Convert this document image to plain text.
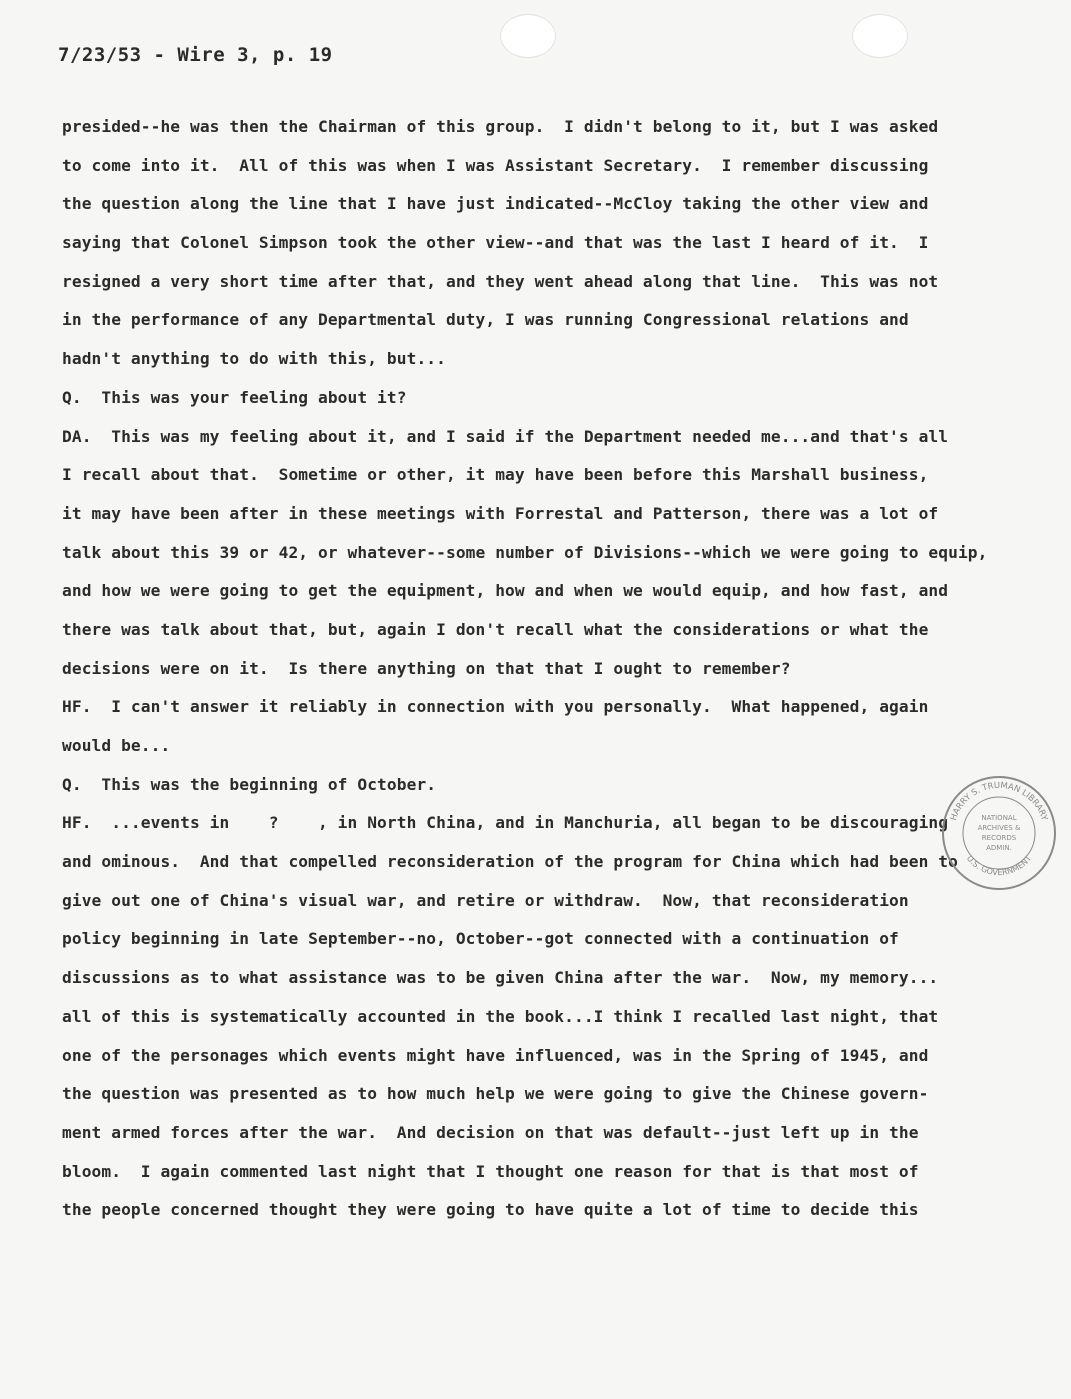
7/23/53 - Wire 3, p. 19
presided--he was then the Chairman of this group.  I didn't belong to it, but I was asked
to come into it.  All of this was when I was Assistant Secretary.  I remember discussing
the question along the line that I have just indicated--McCloy taking the other view and
saying that Colonel Simpson took the other view--and that was the last I heard of it.  I
resigned a very short time after that, and they went ahead along that line.  This was not
in the performance of any Departmental duty, I was running Congressional relations and
hadn't anything to do with this, but...
Q.  This was your feeling about it?
DA.  This was my feeling about it, and I said if the Department needed me...and that's all
I recall about that.  Sometime or other, it may have been before this Marshall business,
it may have been after in these meetings with Forrestal and Patterson, there was a lot of
talk about this 39 or 42, or whatever--some number of Divisions--which we were going to equip,
and how we were going to get the equipment, how and when we would equip, and how fast, and
there was talk about that, but, again I don't recall what the considerations or what the
decisions were on it.  Is there anything on that that I ought to remember?
HF.  I can't answer it reliably in connection with you personally.  What happened, again
would be...
Q.  This was the beginning of October.
HF.  ...events in    ?    , in North China, and in Manchuria, all began to be discouraging
and ominous.  And that compelled reconsideration of the program for China which had been to
give out one of China's visual war, and retire or withdraw.  Now, that reconsideration
policy beginning in late September--no, October--got connected with a continuation of
discussions as to what assistance was to be given China after the war.  Now, my memory...
all of this is systematically accounted in the book...I think I recalled last night, that
one of the personages which events might have influenced, was in the Spring of 1945, and
the question was presented as to how much help we were going to give the Chinese govern-
ment armed forces after the war.  And decision on that was default--just left up in the
bloom.  I again commented last night that I thought one reason for that is that most of
the people concerned thought they were going to have quite a lot of time to decide this
HARRY S. TRUMAN LIBRARY
U.S. GOVERNMENT
NATIONAL
ARCHIVES &
RECORDS
ADMIN.
